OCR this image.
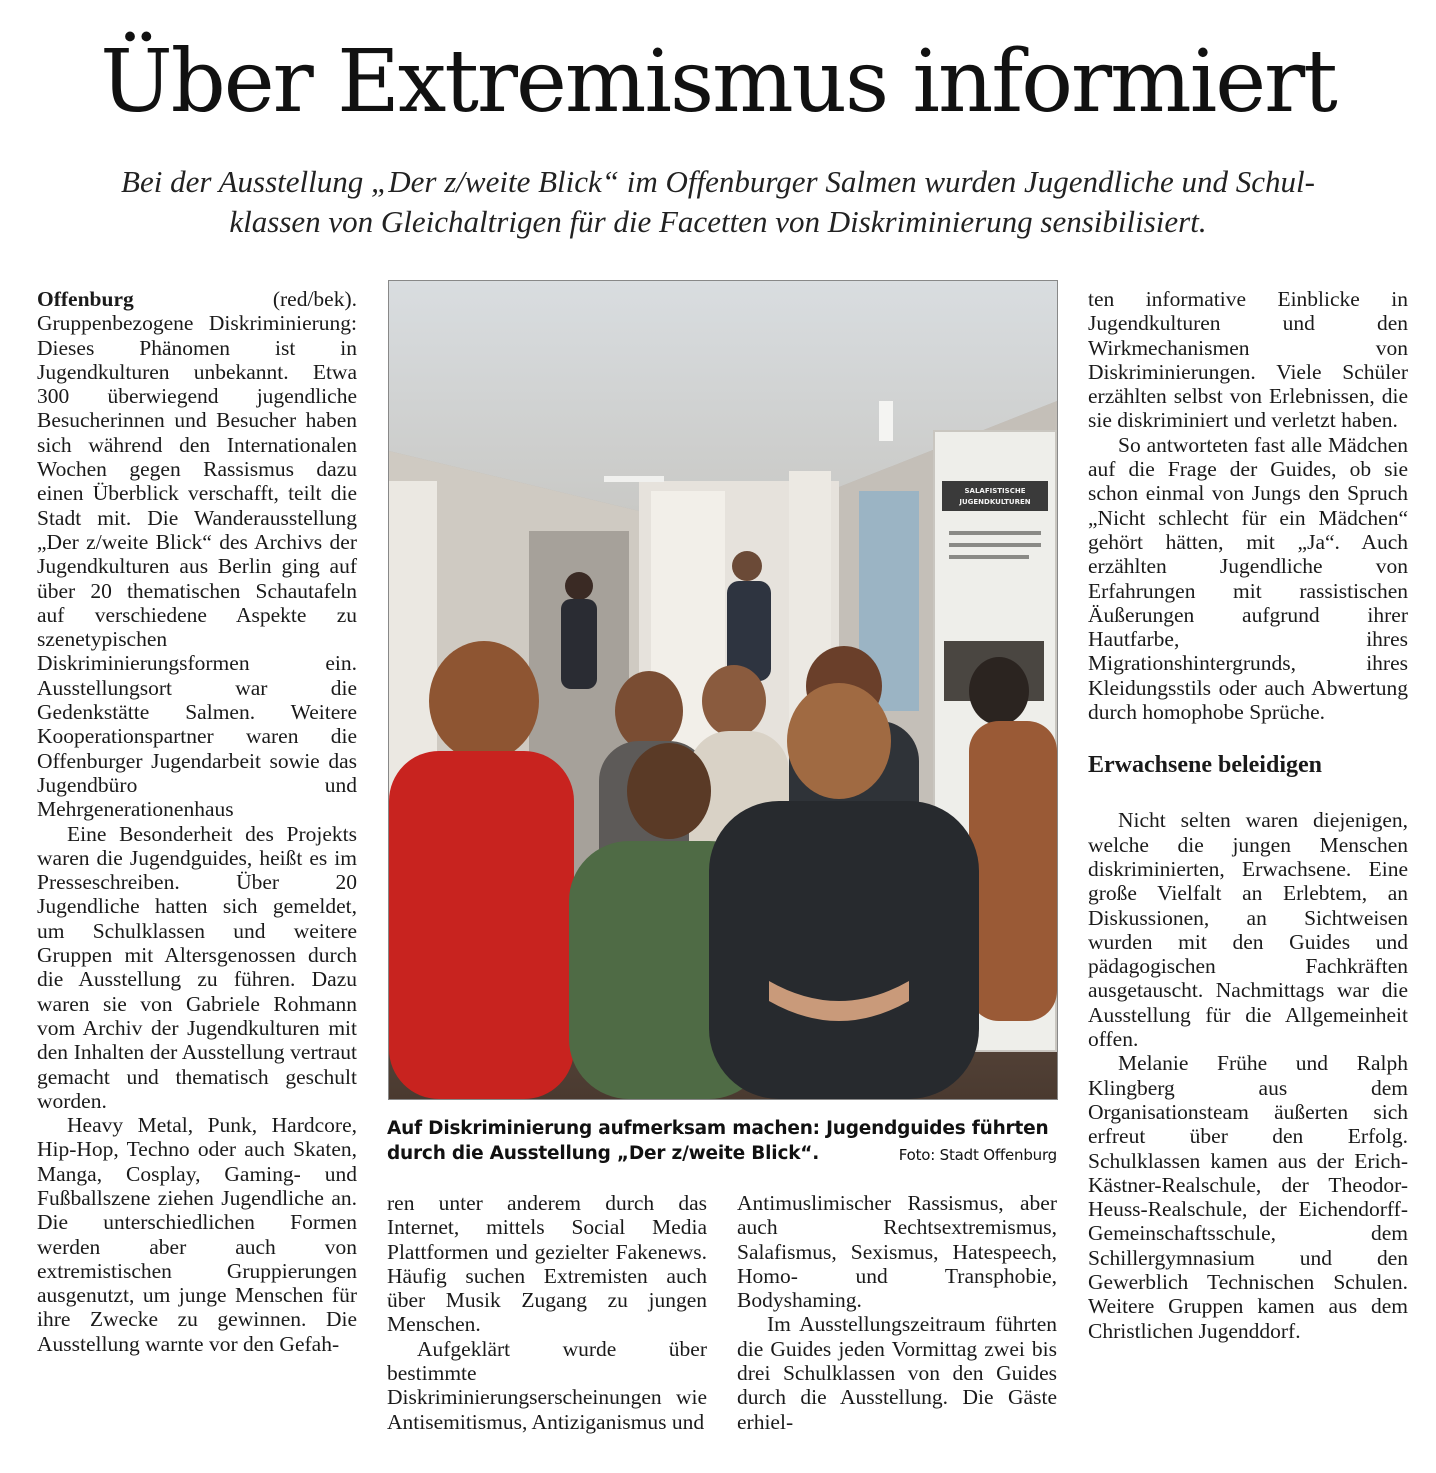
Über Extremismus informiert
Bei der Ausstellung „Der z/weite Blick“ im Offenburger Salmen wurden Jugendliche und Schul-
klassen von Gleichaltrigen für die Facetten von Diskriminierung sensibilisiert.

Offenburg	(red/bek). Gruppenbezogene Diskriminierung: Dieses Phänomen ist in Jugendkulturen unbekannt. Etwa 300 überwiegend jugendliche Besucherinnen und Besucher haben sich während den Internationalen Wochen gegen Rassismus dazu einen Überblick verschafft, teilt die Stadt mit. Die Wanderausstellung „Der z/weite Blick“ des Archivs der Jugendkulturen aus Berlin ging auf über 20 thematischen Schautafeln auf verschiedene Aspekte zu szenetypischen Diskriminierungsformen ein. Ausstellungsort war die Gedenkstätte Salmen. Weitere Kooperationspartner waren die Offenburger Jugendarbeit sowie das Jugendbüro und Mehrgenerationenhaus

Eine Besonderheit des Projekts waren die Jugendguides, heißt es im Presseschreiben. Über 20 Jugendliche hatten sich gemeldet, um Schulklassen und weitere Gruppen mit Altersgenossen durch die Ausstellung zu führen. Dazu waren sie von Gabriele Rohmann vom Archiv der Jugendkulturen mit den Inhalten der Ausstellung vertraut gemacht und thematisch geschult worden.

Heavy Metal, Punk, Hardcore, Hip-Hop, Techno oder auch Skaten, Manga, Cosplay, Gaming- und Fußballszene ziehen Jugendliche an. Die unterschiedlichen Formen werden aber auch von extremistischen Gruppierungen ausgenutzt, um junge Menschen für ihre Zwecke zu gewinnen. Die Ausstellung warnte vor den Gefah-

SALAFISTISCHE
JUGENDKULTUREN
Auf Diskriminierung aufmerksam machen: Jugendguides führten
durch die Ausstellung „Der z/weite Blick“.	Foto: Stadt Offenburg

ren unter anderem durch das Internet, mittels Social Media Plattformen und gezielter Fakenews. Häufig suchen Extremisten auch über Musik Zugang zu jungen Menschen.

Aufgeklärt wurde über bestimmte Diskriminierungserscheinungen wie Antisemitismus, Antiziganismus und

Antimuslimischer Rassismus, aber auch Rechtsextremismus, Salafismus, Sexismus, Hatespeech, Homo- und Transphobie, Bodyshaming.

Im Ausstellungszeitraum führten die Guides jeden Vormittag zwei bis drei Schulklassen von den Guides durch die Ausstellung. Die Gäste erhiel-

ten informative Einblicke in Jugendkulturen und den Wirkmechanismen von Diskriminierungen. Viele Schüler erzählten selbst von Erlebnissen, die sie diskriminiert und verletzt haben.

So antworteten fast alle Mädchen auf die Frage der Guides, ob sie schon einmal von Jungs den Spruch „Nicht schlecht für ein Mädchen“ gehört hätten, mit „Ja“. Auch erzählten Jugendliche von Erfahrungen mit rassistischen Äußerungen aufgrund ihrer Hautfarbe, ihres Migrationshintergrunds, ihres Kleidungsstils oder auch Abwertung durch homophobe Sprüche.

Erwachsene beleidigen

Nicht selten waren diejenigen, welche die jungen Menschen diskriminierten, Erwachsene. Eine große Vielfalt an Erlebtem, an Diskussionen, an Sichtweisen wurden mit den Guides und pädagogischen Fachkräften ausgetauscht. Nachmittags war die Ausstellung für die Allgemeinheit offen.

Melanie Frühe und Ralph Klingberg aus dem Organisationsteam äußerten sich erfreut über den Erfolg. Schulklassen kamen aus der Erich-Kästner-Realschule, der Theodor-Heuss-Realschule, der Eichendorff-Gemeinschaftsschule, dem Schillergymnasium und den Gewerblich Technischen Schulen. Weitere Gruppen kamen aus dem Christlichen Jugenddorf.
